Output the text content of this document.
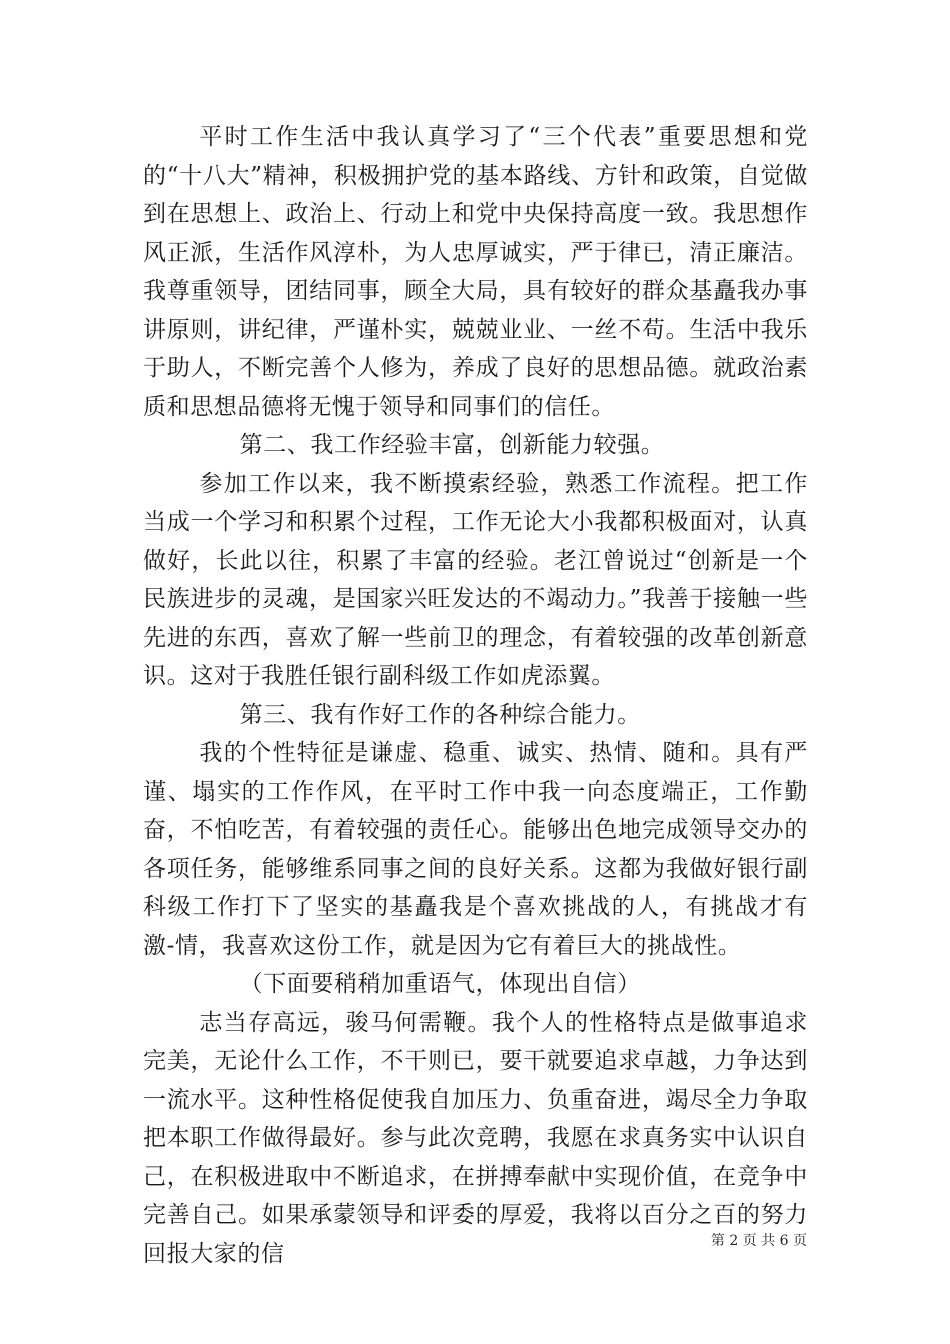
平时工作生活中我认真学习了“三个代表”重要思想和党的“十八大”精神，积极拥护党的基本路线、方针和政策，自觉做到在思想上、政治上、行动上和党中央保持高度一致。我思想作风正派，生活作风淳朴，为人忠厚诚实，严于律已，清正廉洁。我尊重领导，团结同事，顾全大局，具有较好的群众基矗我办事讲原则，讲纪律，严谨朴实，兢兢业业、一丝不苟。生活中我乐于助人，不断完善个人修为，养成了良好的思想品德。就政治素质和思想品德将无愧于领导和同事们的信任。

第二、我工作经验丰富，创新能力较强。

参加工作以来，我不断摸索经验，熟悉工作流程。把工作当成一个学习和积累个过程，工作无论大小我都积极面对，认真做好，长此以往，积累了丰富的经验。老江曾说过“创新是一个民族进步的灵魂，是国家兴旺发达的不竭动力。”我善于接触一些先进的东西，喜欢了解一些前卫的理念，有着较强的改革创新意识。这对于我胜任银行副科级工作如虎添翼。

第三、我有作好工作的各种综合能力。

我的个性特征是谦虚、稳重、诚实、热情、随和。具有严谨、塌实的工作作风，在平时工作中我一向态度端正，工作勤奋，不怕吃苦，有着较强的责任心。能够出色地完成领导交办的各项任务，能够维系同事之间的良好关系。这都为我做好银行副科级工作打下了坚实的基矗我是个喜欢挑战的人，有挑战才有激-情，我喜欢这份工作，就是因为它有着巨大的挑战性。

（下面要稍稍加重语气，体现出自信）

志当存高远，骏马何需鞭。我个人的性格特点是做事追求完美，无论什么工作，不干则已，要干就要追求卓越，力争达到一流水平。这种性格促使我自加压力、负重奋进，竭尽全力争取把本职工作做得最好。参与此次竞聘，我愿在求真务实中认识自己，在积极进取中不断追求，在拼搏奉献中实现价值，在竞争中完善自己。如果承蒙领导和评委的厚爱，我将以百分之百的努力回报大家的信	第 2 页 共 6 页
